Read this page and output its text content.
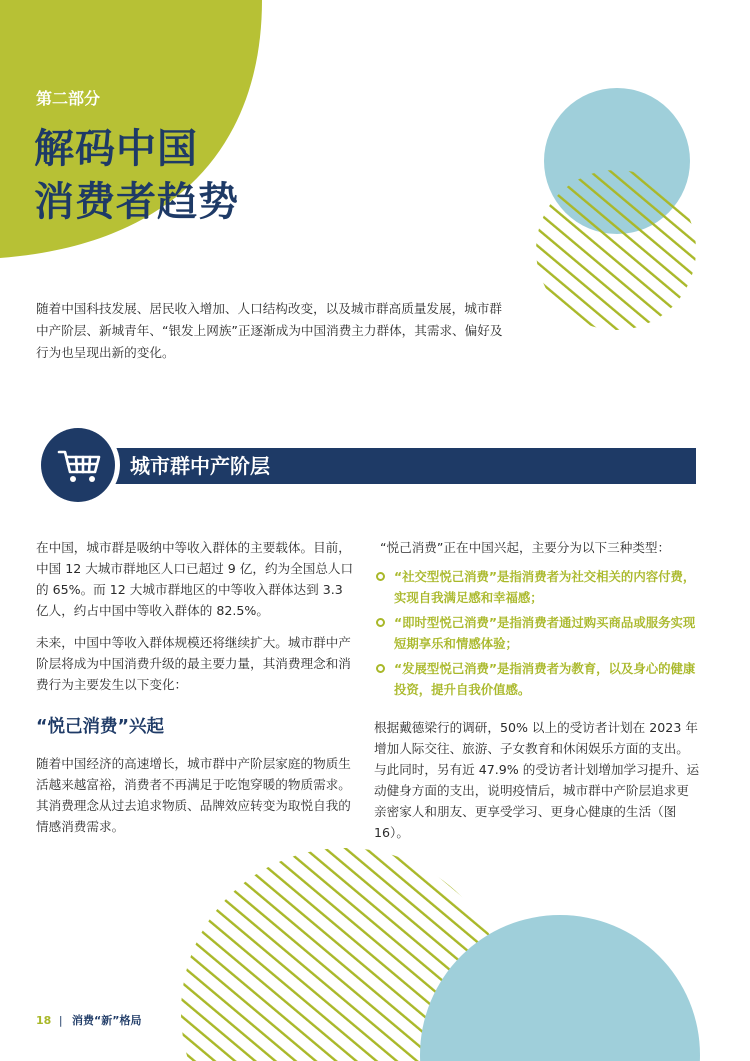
第二部分
解码中国
消费者趋势

随着中国科技发展、居民收入增加、人口结构改变，以及城市群高质量发展，城市群中产阶层、新城青年、“银发上网族”正逐渐成为中国消费主力群体，其需求、偏好及行为也呈现出新的变化。

城市群中产阶层

在中国，城市群是吸纳中等收入群体的主要载体。目前，中国 12 大城市群地区人口已超过 9 亿，约为全国总人口的 65%。而 12 大城市群地区的中等收入群体达到 3.3 亿人，约占中国中等收入群体的 82.5%。

未来，中国中等收入群体规模还将继续扩大。城市群中产阶层将成为中国消费升级的最主要力量，其消费理念和消费行为主要发生以下变化：

“悦己消费”兴起

随着中国经济的高速增长，城市群中产阶层家庭的物质生活越来越富裕，消费者不再满足于吃饱穿暖的物质需求。其消费理念从过去追求物质、品牌效应转变为取悦自我的情感消费需求。

“悦己消费”正在中国兴起，主要分为以下三种类型：

“社交型悦己消费”是指消费者为社交相关的内容付费，实现自我满足感和幸福感；
“即时型悦己消费”是指消费者通过购买商品或服务实现短期享乐和情感体验；
“发展型悦己消费”是指消费者为教育，以及身心的健康投资，提升自我价值感。

根据戴德梁行的调研，50% 以上的受访者计划在 2023 年增加人际交往、旅游、子女教育和休闲娱乐方面的支出。与此同时，另有近 47.9% 的受访者计划增加学习提升、运动健身方面的支出，说明疫情后，城市群中产阶层追求更亲密家人和朋友、更享受学习、更身心健康的生活（图 16）。

18 | 消费“新”格局
